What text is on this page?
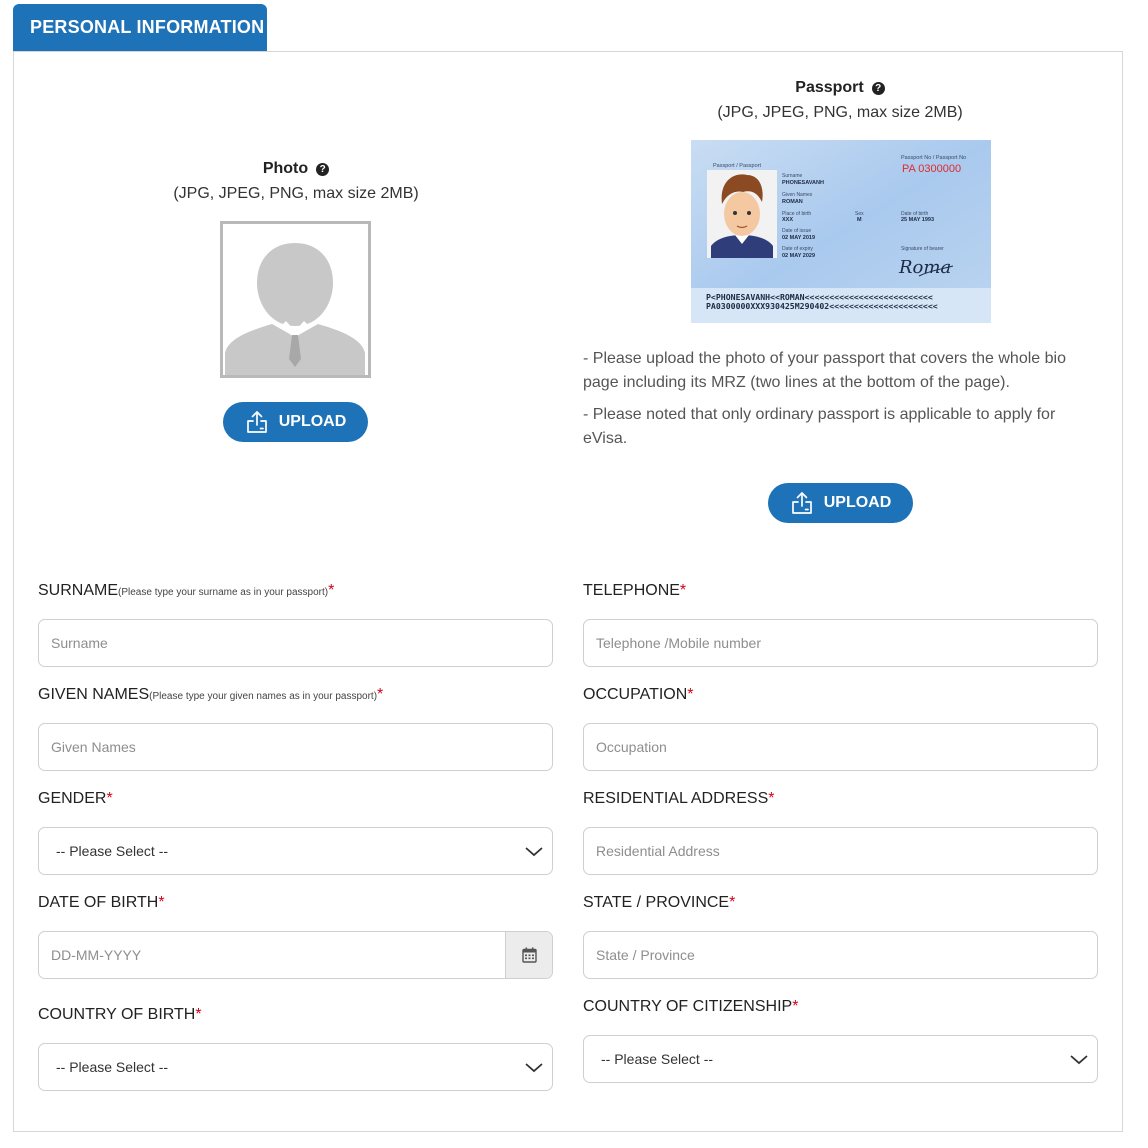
PERSONAL INFORMATION
Photo ?
(JPG, JPEG, PNG, max size 2MB)
UPLOAD
Passport ?
(JPG, JPEG, PNG, max size 2MB)
Passport / Passport
Passport No / Passport No
PA 0300000
Surname
PHONESAVANH
Given Names
ROMAN
Place of birth
XXX
Sex
M
Date of birth
25 MAY 1993
Date of issue
02 MAY 2019
Date of expiry
02 MAY 2029
Signature of bearer
Roma
P<PHONESAVANH<<ROMAN<<<<<<<<<<<<<<<<<<<<<<<<<<
PA0300000XXX930425M290402<<<<<<<<<<<<<<<<<<<<<<
- Please upload the photo of your passport that covers the whole bio page including its MRZ (two lines at the bottom of the page).
- Please noted that only ordinary passport is applicable to apply for eVisa.
UPLOAD
SURNAME(Please type your surname as in your passport)*
Surname
GIVEN NAMES(Please type your given names as in your passport)*
Given Names
GENDER*
-- Please Select --
DATE OF BIRTH*
DD-MM-YYYY
COUNTRY OF BIRTH*
-- Please Select --
TELEPHONE*
Telephone /Mobile number
OCCUPATION*
Occupation
RESIDENTIAL ADDRESS*
Residential Address
STATE / PROVINCE*
State / Province
COUNTRY OF CITIZENSHIP*
-- Please Select --
